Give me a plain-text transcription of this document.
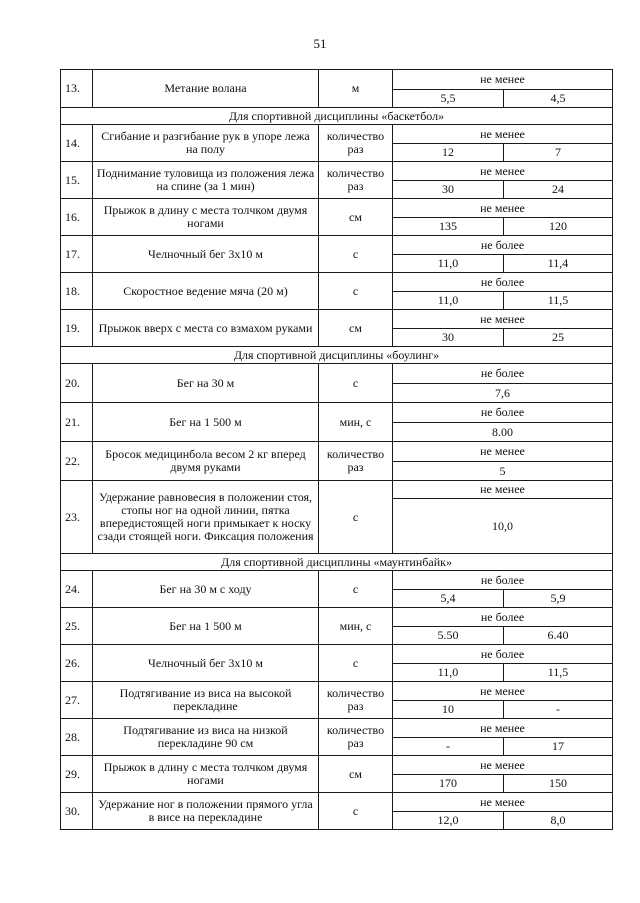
51
13.	Метание волана	м	не менее	
			5,5	4,5
Для спортивной дисциплины «баскетбол»				
14.	Сгибание и разгибание рук в упоре лежа на полу	количество раз	не менее	
			12	7
15.	Поднимание туловища из положения лежа на спине (за 1 мин)	количество раз	не менее	
			30	24
16.	Прыжок в длину с места толчком двумя ногами	см	не менее	
			135	120
17.	Челночный бег 3х10 м	с	не более	
			11,0	11,4
18.	Скоростное ведение мяча (20 м)	с	не более	
			11,0	11,5
19.	Прыжок вверх с места со взмахом руками	см	не менее	
			30	25
Для спортивной дисциплины «боулинг»				
20.	Бег на 30 м	с	не более	
			7,6	
21.	Бег на 1 500 м	мин, с	не более	
			8.00	
22.	Бросок медицинбола весом 2 кг вперед двумя руками	количество раз	не менее	
			5	
23.	Удержание равновесия в положении стоя, стопы ног на одной линии, пятка впередистоящей ноги примыкает к носку сзади стоящей ноги. Фиксация положения	с	не менее	
			10,0	
Для спортивной дисциплины «маунтинбайк»				
24.	Бег на 30 м с ходу	с	не более	
			5,4	5,9
25.	Бег на 1 500 м	мин, с	не более	
			5.50	6.40
26.	Челночный бег 3х10 м	с	не более	
			11,0	11,5
27.	Подтягивание из виса на высокой перекладине	количество раз	не менее	
			10	-
28.	Подтягивание из виса на низкой перекладине 90 см	количество раз	не менее	
			-	17
29.	Прыжок в длину с места толчком двумя ногами	см	не менее	
			170	150
30.	Удержание ног в положении прямого угла в висе на перекладине	с	не менее	
			12,0	8,0
